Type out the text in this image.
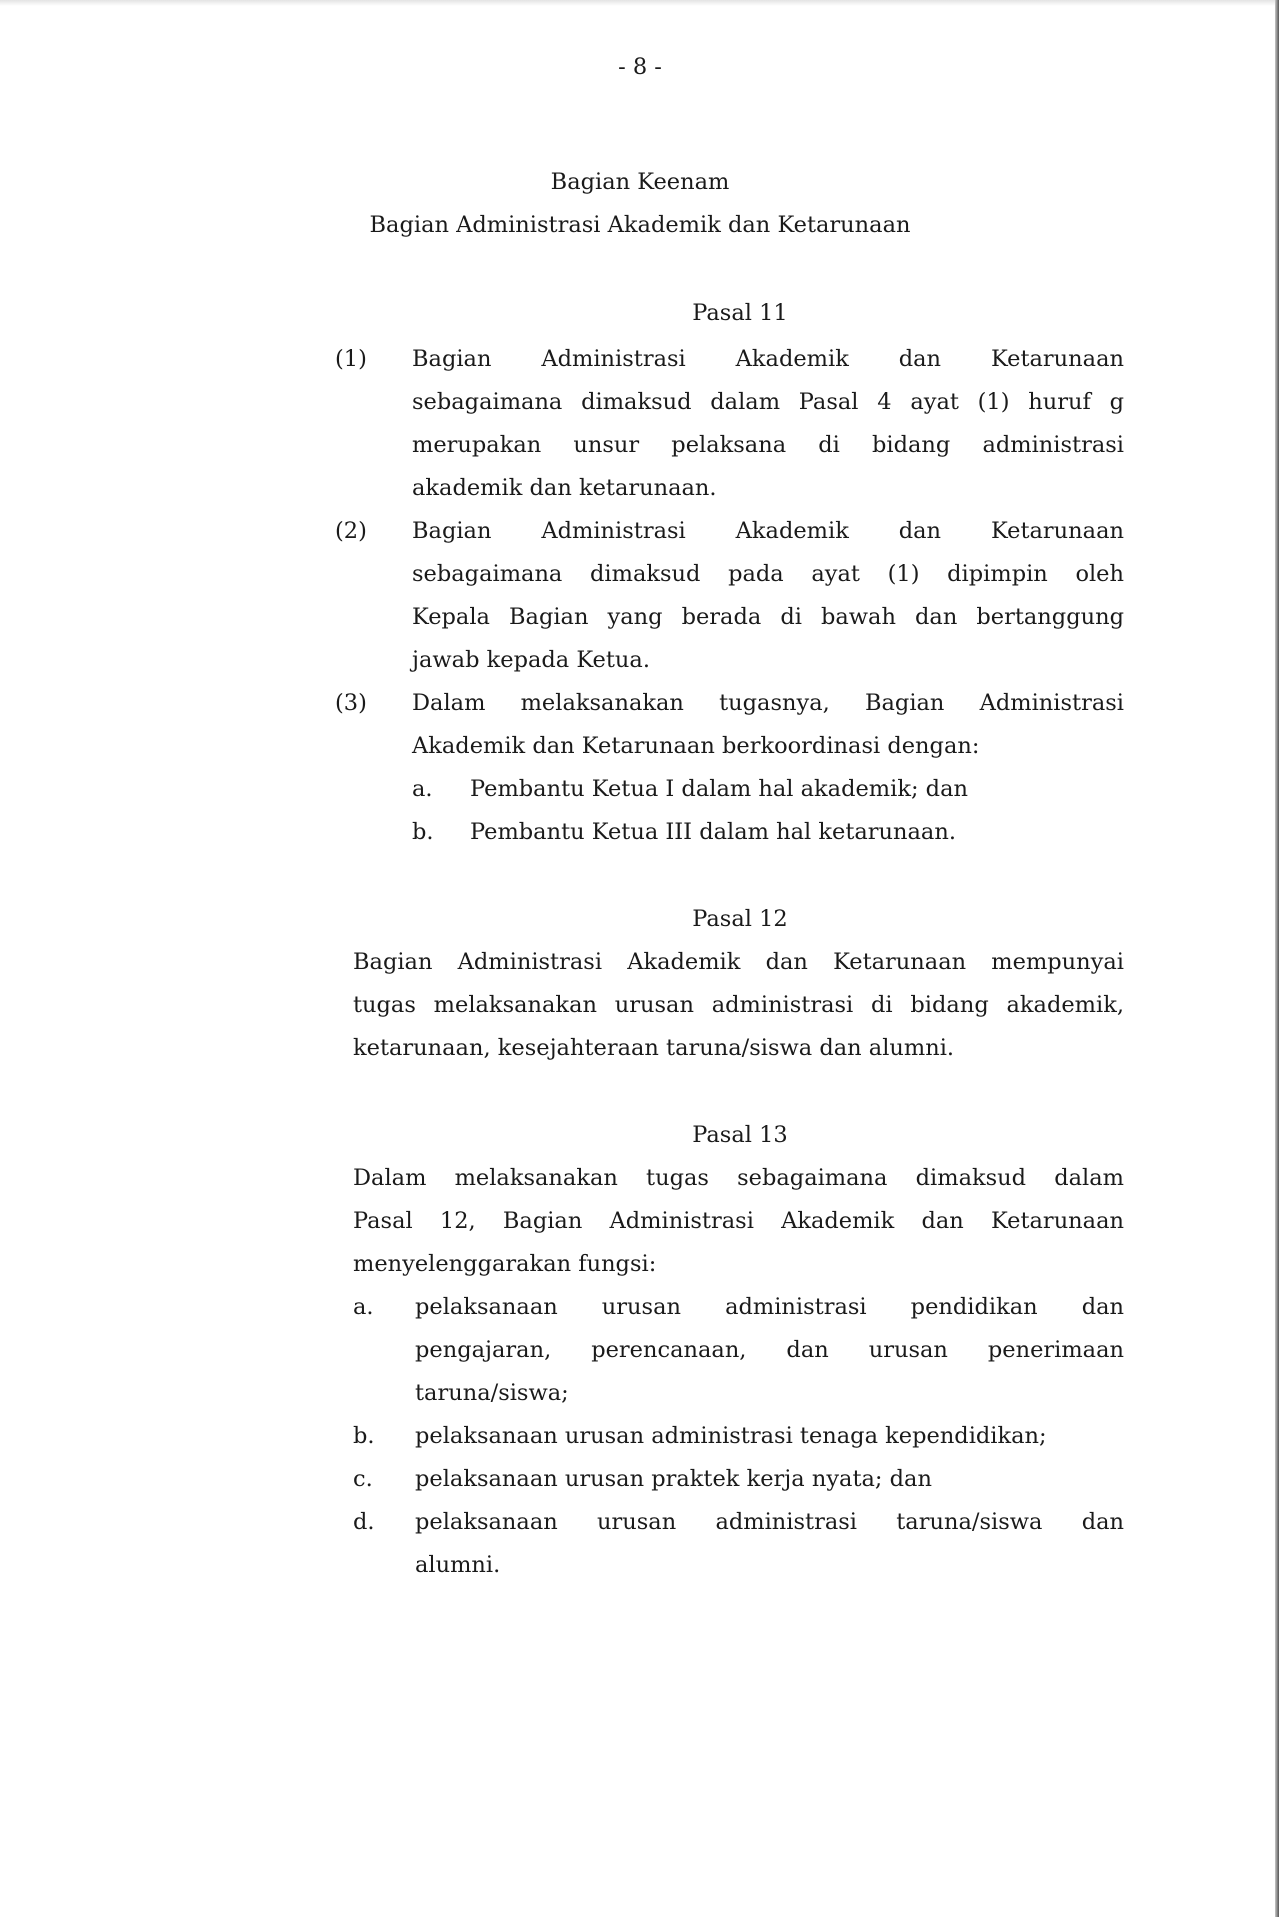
- 8 -
Bagian Keenam
Bagian Administrasi Akademik dan Ketarunaan
Pasal 11
(1) Bagian Administrasi Akademik dan Ketarunaan
sebagaimana dimaksud dalam Pasal 4 ayat (1) huruf g
merupakan unsur pelaksana di bidang administrasi
akademik dan ketarunaan.
(2) Bagian Administrasi Akademik dan Ketarunaan
sebagaimana dimaksud pada ayat (1) dipimpin oleh
Kepala Bagian yang berada di bawah dan bertanggung
jawab kepada Ketua.
(3) Dalam melaksanakan tugasnya, Bagian Administrasi
Akademik dan Ketarunaan berkoordinasi dengan:
a. Pembantu Ketua I dalam hal akademik; dan
b. Pembantu Ketua III dalam hal ketarunaan.
Pasal 12
Bagian Administrasi Akademik dan Ketarunaan mempunyai
tugas melaksanakan urusan administrasi di bidang akademik,
ketarunaan, kesejahteraan taruna/siswa dan alumni.
Pasal 13
Dalam melaksanakan tugas sebagaimana dimaksud dalam
Pasal 12, Bagian Administrasi Akademik dan Ketarunaan
menyelenggarakan fungsi:
a. pelaksanaan urusan administrasi pendidikan dan
pengajaran, perencanaan, dan urusan penerimaan
taruna/siswa;
b. pelaksanaan urusan administrasi tenaga kependidikan;
c. pelaksanaan urusan praktek kerja nyata; dan
d. pelaksanaan urusan administrasi taruna/siswa dan
alumni.
